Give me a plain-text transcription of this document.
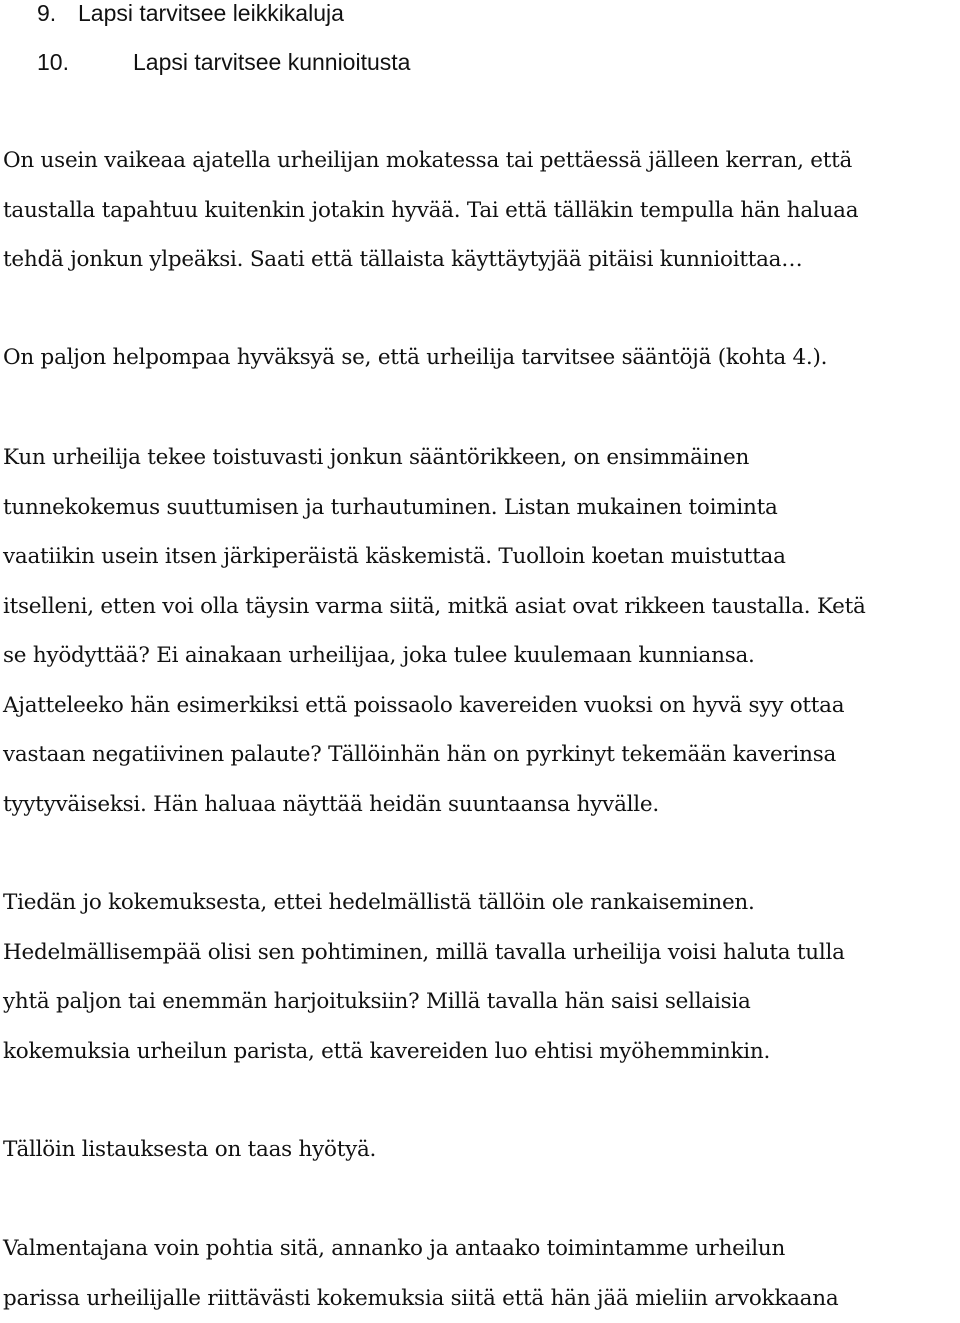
9. Lapsi tarvitsee leikkikaluja
10.	Lapsi tarvitsee kunnioitusta

On usein vaikeaa ajatella urheilijan mokatessa tai pettäessä jälleen kerran, että
taustalla tapahtuu kuitenkin jotakin hyvää. Tai että tälläkin tempulla hän haluaa
tehdä jonkun ylpeäksi. Saati että tällaista käyttäytyjää pitäisi kunnioittaa…

On paljon helpompaa hyväksyä se, että urheilija tarvitsee sääntöjä (kohta 4.).

Kun urheilija tekee toistuvasti jonkun sääntörikkeen, on ensimmäinen
tunnekokemus suuttumisen ja turhautuminen. Listan mukainen toiminta
vaatiikin usein itsen järkiperäistä käskemistä. Tuolloin koetan muistuttaa
itselleni, etten voi olla täysin varma siitä, mitkä asiat ovat rikkeen taustalla. Ketä
se hyödyttää? Ei ainakaan urheilijaa, joka tulee kuulemaan kunniansa.
Ajatteleeko hän esimerkiksi että poissaolo kavereiden vuoksi on hyvä syy ottaa
vastaan negatiivinen palaute? Tällöinhän hän on pyrkinyt tekemään kaverinsa
tyytyväiseksi. Hän haluaa näyttää heidän suuntaansa hyvälle.

Tiedän jo kokemuksesta, ettei hedelmällistä tällöin ole rankaiseminen.
Hedelmällisempää olisi sen pohtiminen, millä tavalla urheilija voisi haluta tulla
yhtä paljon tai enemmän harjoituksiin? Millä tavalla hän saisi sellaisia
kokemuksia urheilun parista, että kavereiden luo ehtisi myöhemminkin.

Tällöin listauksesta on taas hyötyä.

Valmentajana voin pohtia sitä, annanko ja antaako toimintamme urheilun
parissa urheilijalle riittävästi kokemuksia siitä että hän jää mieliin arvokkaana
